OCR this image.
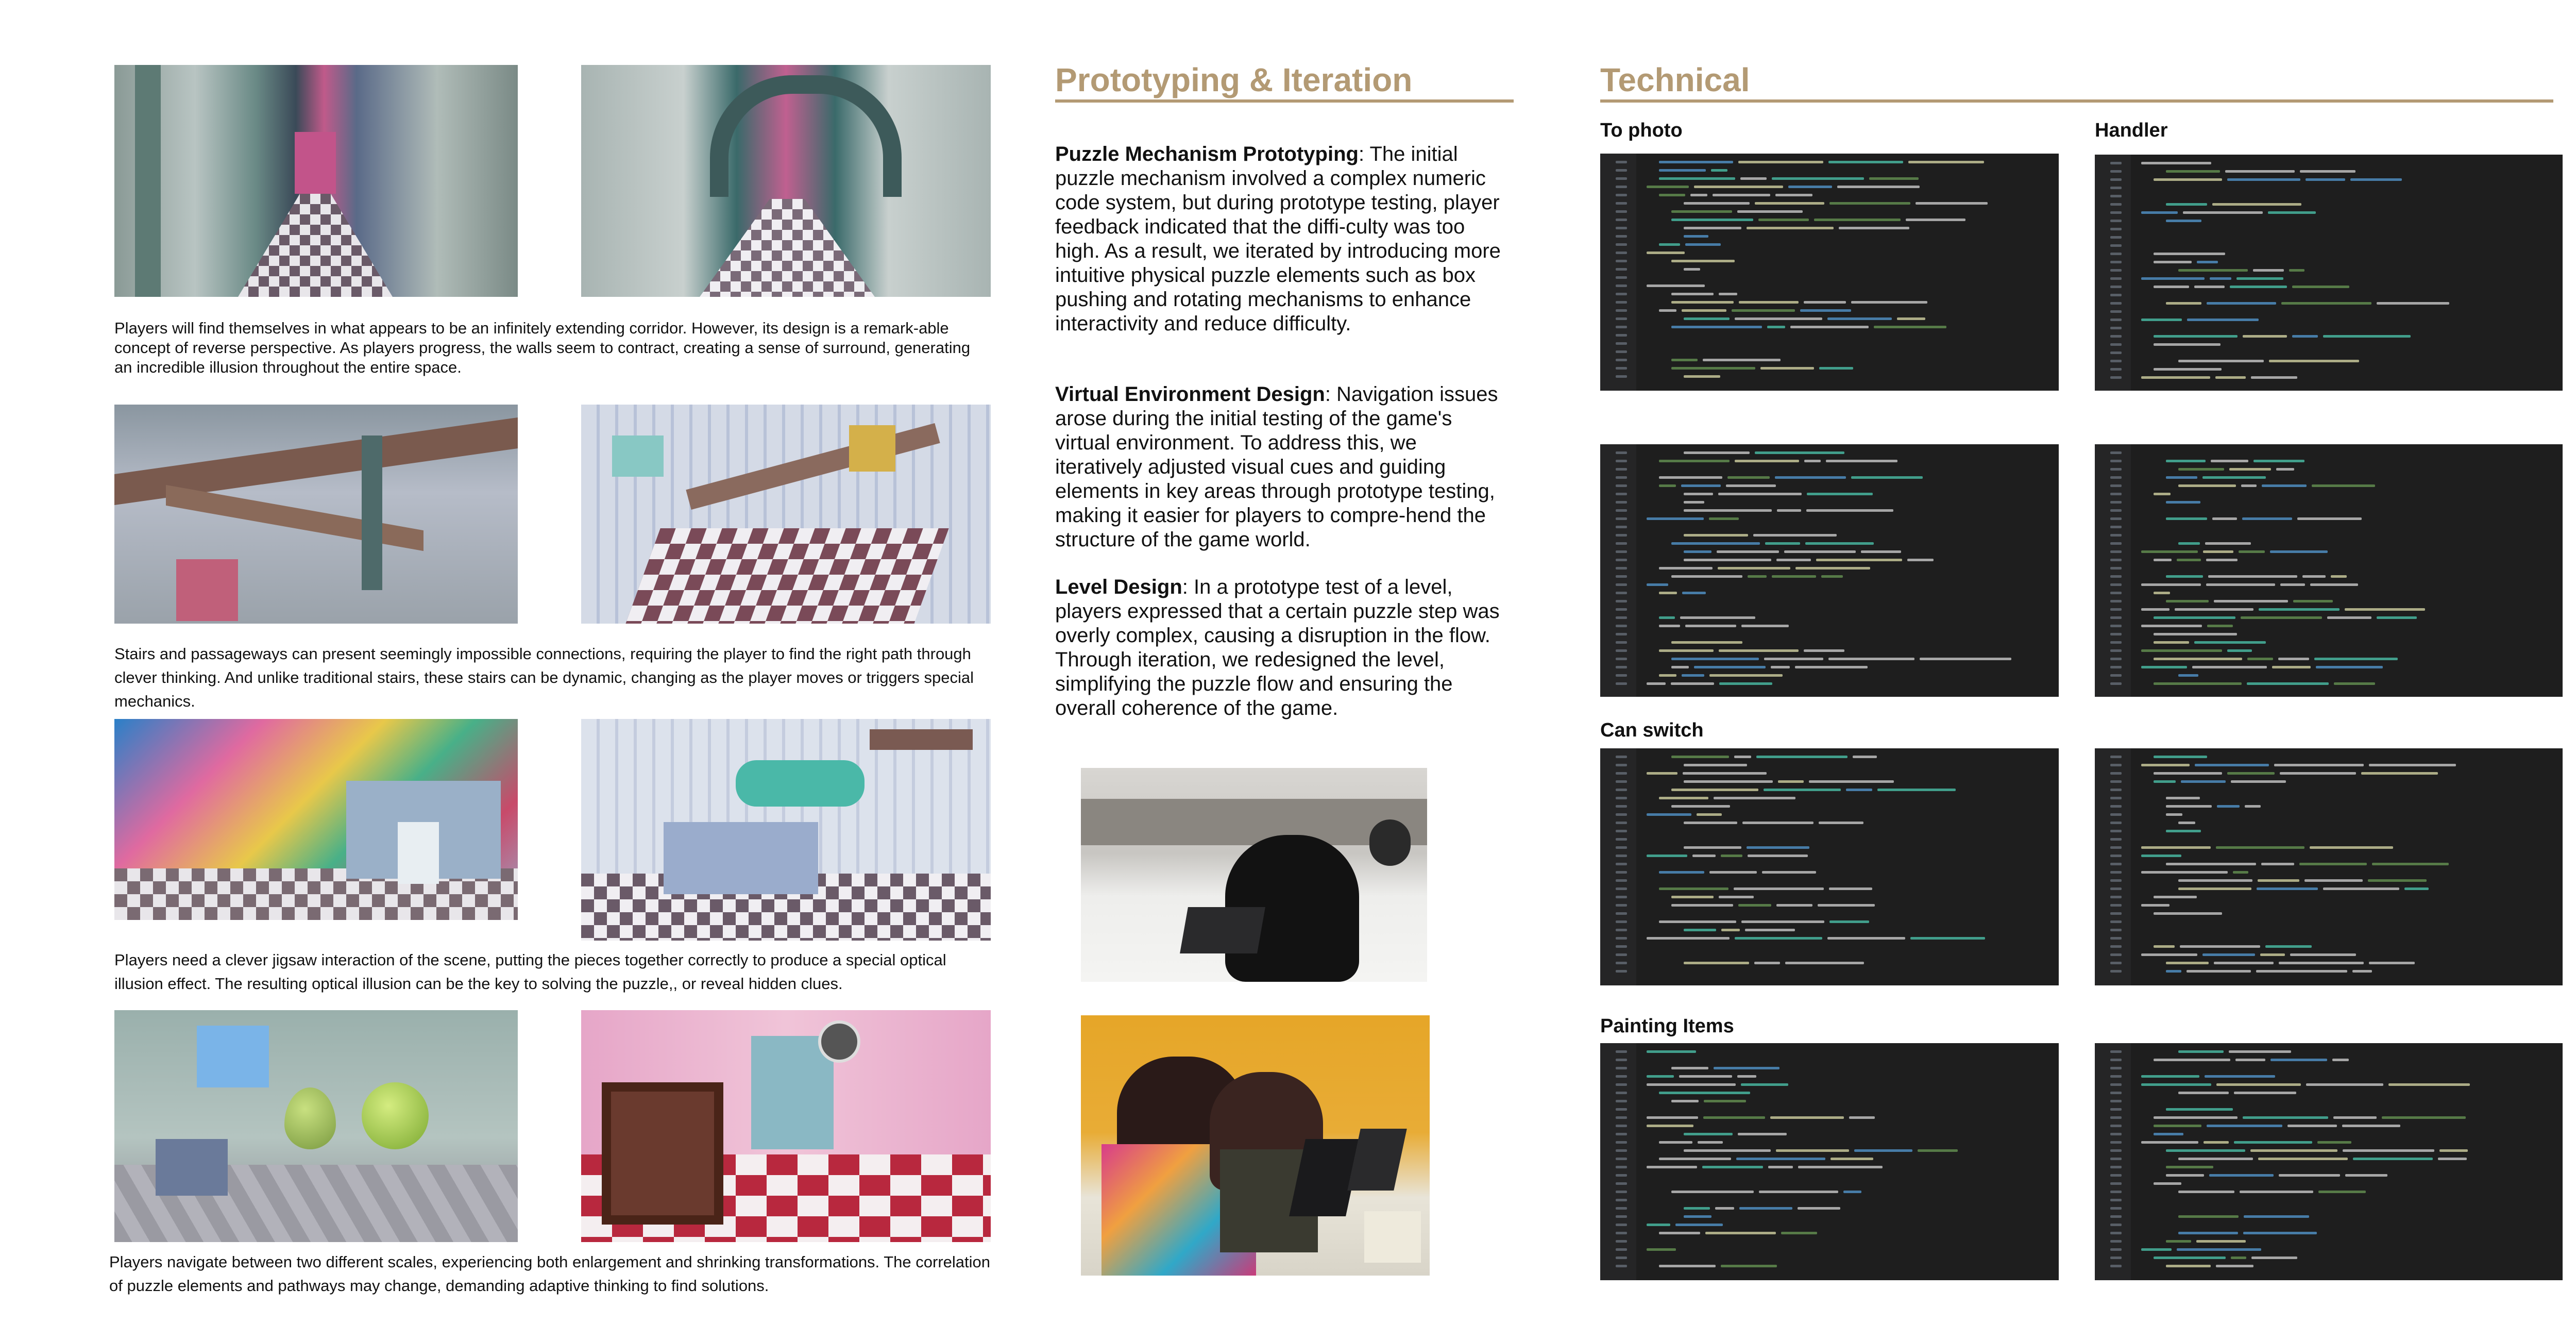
Players will find themselves in what appears to be an infinitely extending corridor. However, its design is a remark-able concept of reverse perspective. As players progress, the walls seem to contract, creating a sense of surround, generating an incredible illusion throughout the entire space.
Stairs and passageways can present seemingly impossible connections, requiring the player to find the right path through clever thinking. And unlike traditional stairs, these stairs can be dynamic, changing as the player moves or triggers special mechanics.
Players need a clever jigsaw interaction of the scene, putting the pieces together correctly to produce a special optical illusion effect. The resulting optical illusion can be the key to solving the puzzle,, or reveal hidden clues.
Players navigate between two different scales, experiencing both enlargement and shrinking transformations. The correlation of puzzle elements and pathways may change, demanding adaptive thinking to find solutions.
Prototyping & Iteration
Puzzle Mechanism Prototyping: The initial puzzle mechanism involved a complex numeric code system, but during prototype testing, player feedback indicated that the diffi-culty was too high. As a result, we iterated by introducing more intuitive physical puzzle elements such as box pushing and rotating mechanisms to enhance interactivity and reduce difficulty.
Virtual Environment Design: Navigation issues arose during the initial testing of the game's virtual environment. To address this, we iteratively adjusted visual cues and guiding elements in key areas through prototype testing, making it easier for players to compre-hend the structure of the game world.
Level Design: In a prototype test of a level, players expressed that a certain puzzle step was overly complex, causing a disruption in the flow. Through iteration, we redesigned the level, simplifying the puzzle flow and ensuring the overall coherence of the game.
Technical
To photo	Handler
Can switch
Painting Items
